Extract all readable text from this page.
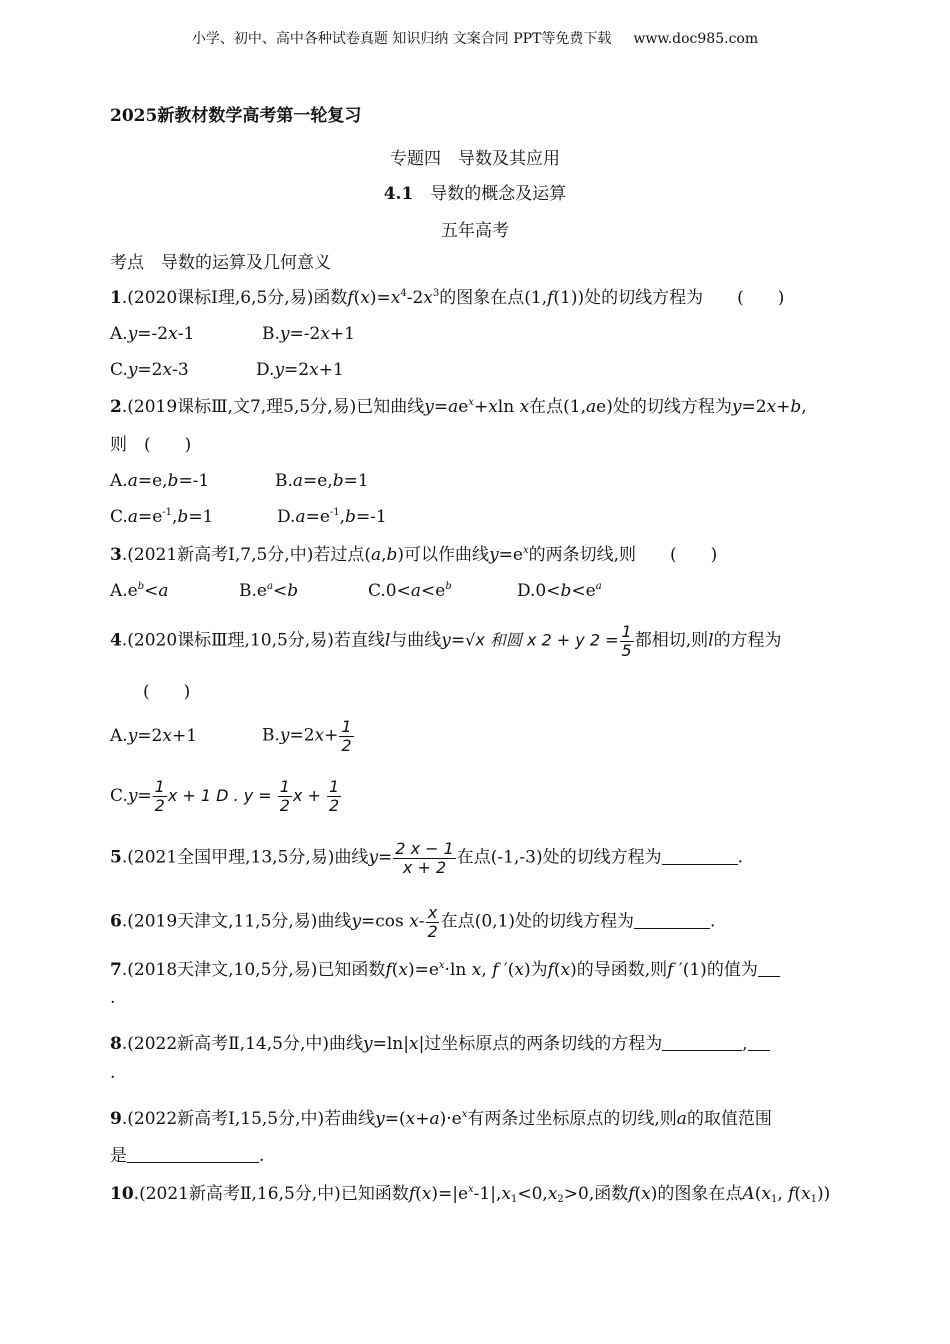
小学、初中、高中各种试卷真题 知识归纳 文案合同 PPT等免费下载 www.doc985.com
2025新教材数学高考第一轮复习
专题四　导数及其应用
4.1　 导数的概念及运算
五年高考
考点　导数的运算及几何意义
1.(2020课标Ⅰ理,6,5分,易)函数$f(x)=x^4-2x^3$的图象在点(1,f(1))处的切线方程为 (　　)
A.y=-2x-1	B.y=-2x+1
C.y=2x-3	D.y=2x+1
2.(2019课标Ⅲ,文7,理5,5分,易)已知曲线$y=ae^x+xln$ x在点(1,ae)处的切线方程为y=2x+b,
则　(　　)
A.a=e,b=-1	B.a=e,b=1
$C.a=e^{-1},b=1$	$D.a=e^{-1},b=-1$
3.(2021新高考Ⅰ,7,5分,中)若过点(a,b)可以作曲线$y=e^x$的两条切线,则 (　　)
$A.e^b<a$	$B.e^a<b$	$C.0<a<e^b$	$D.0<b<e^a$
4.(2020课标Ⅲ理,10,5分,易)若直线l与曲线y=√x 和圆 x 2 + y $2 = \frac{1}{5}$ 都相切,则l的方程为
(　　)
A.y=2x+1	$B.y=2x+ \frac{1}{2}$
$C.y= \frac{1}{2}$ x + 1 D . $y = \frac{1}{2}$ $x + \frac{1}{2}$
5.(2021全国甲理,13,5分,易)曲线$y= \frac{2 x - 1}{x + 2}$ 在点(-1,-3)处的切线方程为	.
6.(2019天津文,11,5分,易)曲线y=cos $x- \frac{x}{2}$ 在点(0,1)处的切线方程为	.
7.(2018天津文,10,5分,易)已知函数$f(x)=e^x\cdot\ln$ x, f ′(x)为f(x)的导函数,则f ′(1)的值为
.
8.(2022新高考Ⅱ,14,5分,中)曲线y=ln|x|过坐标原点的两条切线的方程为	,
.
9.(2022新高考Ⅰ,15,5分,中)若曲线$y=(x+a)\cdot e^x$有两条过坐标原点的切线,则a的取值范围
是	.
10.(2021新高考Ⅱ,16,5分,中)已知函数$f(x)=|e^x-1|,x_1<0,x_2>0$,函数f(x)的图象在点$A(x_1$, $f(x_1)$)
